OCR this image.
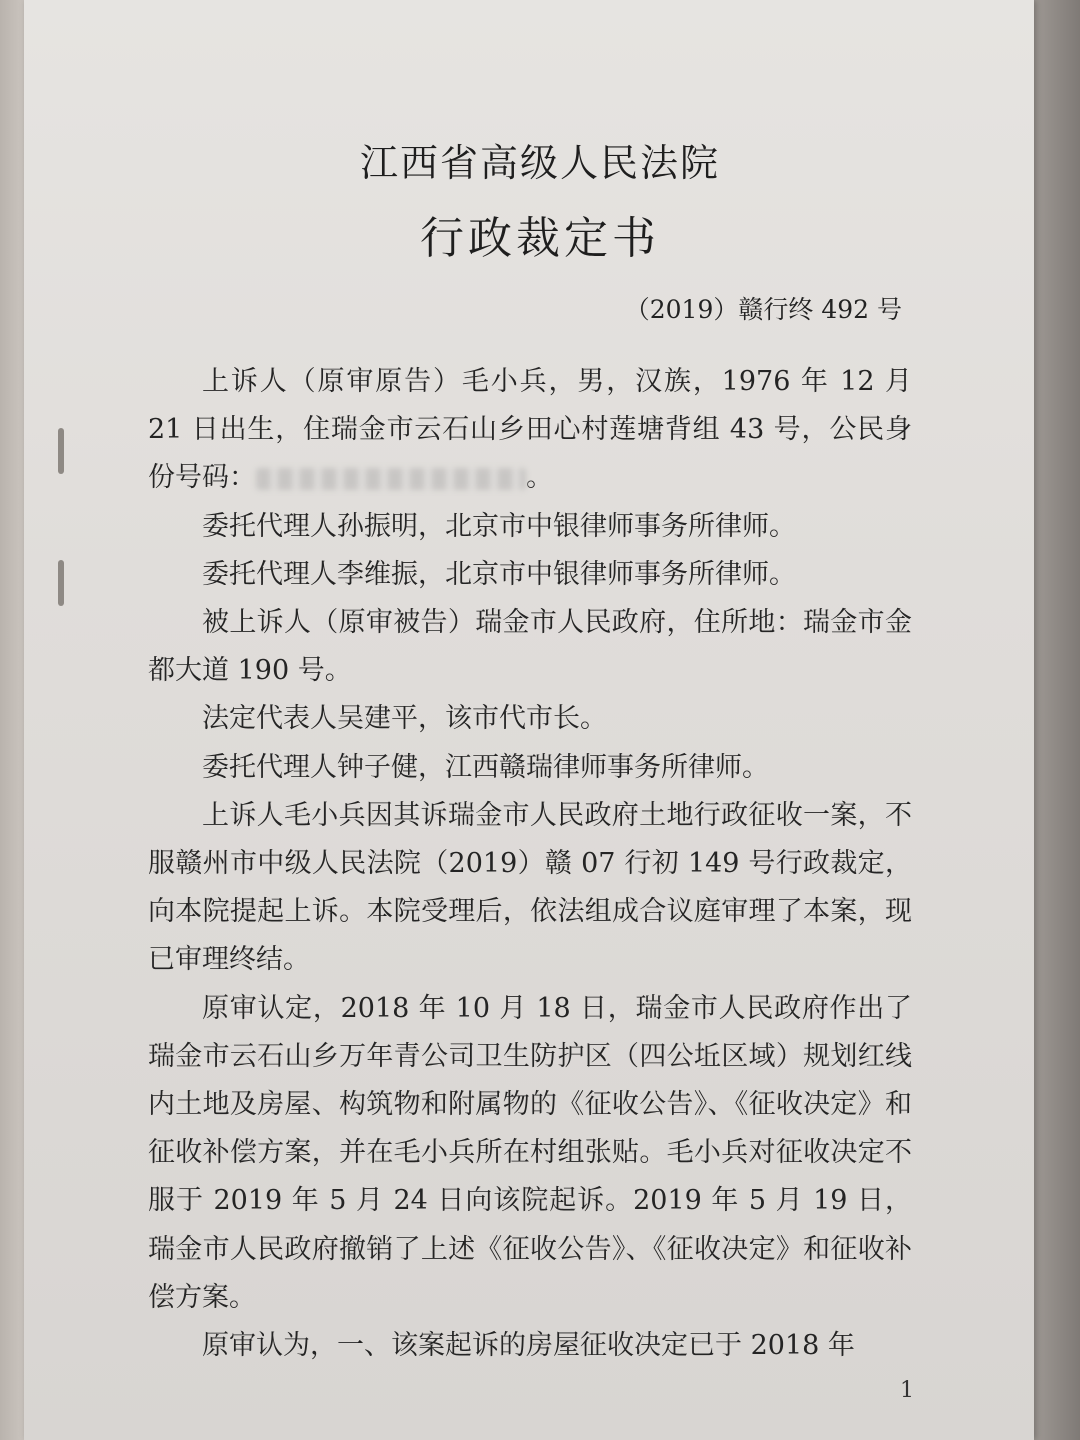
江西省高级人民法院
行政裁定书
（2019）赣行终 492 号

上诉人（原审原告）毛小兵，男，汉族，1976 年 12 月 21 日出生，住瑞金市云石山乡田心村莲塘背组 43 号，公民身份号码：	。

委托代理人孙振明，北京市中银律师事务所律师。

委托代理人李维振，北京市中银律师事务所律师。

被上诉人（原审被告）瑞金市人民政府，住所地：瑞金市金都大道 190 号。

法定代表人吴建平，该市代市长。

委托代理人钟子健，江西赣瑞律师事务所律师。

上诉人毛小兵因其诉瑞金市人民政府土地行政征收一案，不服赣州市中级人民法院（2019）赣 07 行初 149 号行政裁定，向本院提起上诉。本院受理后，依法组成合议庭审理了本案，现已审理终结。

原审认定，2018 年 10 月 18 日，瑞金市人民政府作出了瑞金市云石山乡万年青公司卫生防护区（四公坵区域）规划红线内土地及房屋、构筑物和附属物的《征收公告》、《征收决定》和征收补偿方案，并在毛小兵所在村组张贴。毛小兵对征收决定不服于 2019 年 5 月 24 日向该院起诉。2019 年 5 月 19 日，瑞金市人民政府撤销了上述《征收公告》、《征收决定》和征收补偿方案。

原审认为，一、该案起诉的房屋征收决定已于 2018 年

1
